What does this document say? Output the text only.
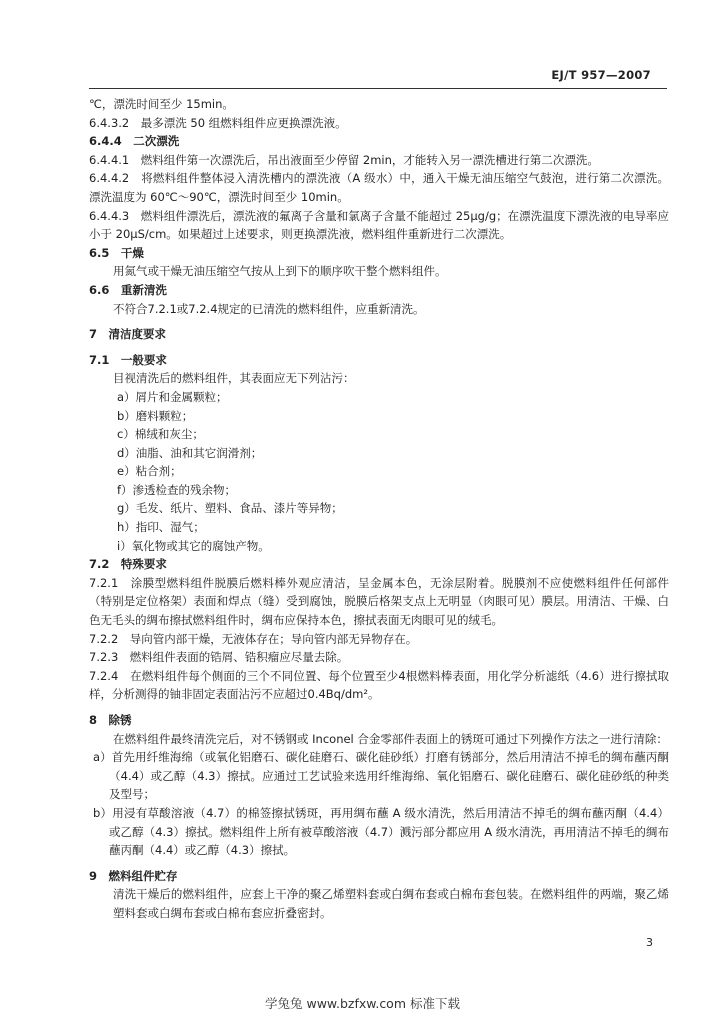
EJ/T 957—2007

℃，漂洗时间至少 15min。

6.4.3.2　最多漂洗 50 组燃料组件应更换漂洗液。

6.4.4　二次漂洗

6.4.4.1　燃料组件第一次漂洗后，吊出液面至少停留 2min，才能转入另一漂洗槽进行第二次漂洗。

6.4.4.2　将燃料组件整体浸入清洗槽内的漂洗液（A 级水）中，通入干燥无油压缩空气鼓泡，进行第二次漂洗。漂洗温度为 60℃～90℃，漂洗时间至少 10min。

6.4.4.3　燃料组件漂洗后，漂洗液的氟离子含量和氯离子含量不能超过 25μg/g；在漂洗温度下漂洗液的电导率应小于 20μS/cm。如果超过上述要求，则更换漂洗液，燃料组件重新进行二次漂洗。

6.5　干燥

用氮气或干燥无油压缩空气按从上到下的顺序吹干整个燃料组件。

6.6　重新清洗

不符合7.2.1或7.2.4规定的已清洗的燃料组件，应重新清洗。

7　清洁度要求

7.1　一般要求

目视清洗后的燃料组件，其表面应无下列沾污：

a）屑片和金属颗粒；

b）磨料颗粒；

c）棉绒和灰尘；

d）油脂、油和其它润滑剂；

e）粘合剂；

f）渗透检查的残余物；

g）毛发、纸片、塑料、食品、漆片等异物；

h）指印、湿气；

i）氧化物或其它的腐蚀产物。

7.2　特殊要求

7.2.1　涂膜型燃料组件脱膜后燃料棒外观应清洁，呈金属本色，无涂层附着。脱膜剂不应使燃料组件任何部件（特别是定位格架）表面和焊点（缝）受到腐蚀，脱膜后格架支点上无明显（肉眼可见）膜层。用清洁、干燥、白色无毛头的绸布擦拭燃料组件时，绸布应保持本色，擦拭表面无肉眼可见的绒毛。

7.2.2　导向管内部干燥，无液体存在；导向管内部无异物存在。

7.2.3　燃料组件表面的锆屑、锆积瘤应尽量去除。

7.2.4　在燃料组件每个侧面的三个不同位置、每个位置至少4根燃料棒表面，用化学分析滤纸（4.6）进行擦拭取样，分析测得的铀非固定表面沾污不应超过0.4Bq/dm²。

8　除锈

在燃料组件最终清洗完后，对不锈钢或 Inconel 合金零部件表面上的锈斑可通过下列操作方法之一进行清除：

a）首先用纤维海绵（或氧化铝磨石、碳化硅磨石、碳化硅砂纸）打磨有锈部分，然后用清洁不掉毛的绸布蘸丙酮（4.4）或乙醇（4.3）擦拭。应通过工艺试验来选用纤维海绵、氧化铝磨石、碳化硅磨石、碳化硅砂纸的种类及型号；

b）用浸有草酸溶液（4.7）的棉签擦拭锈斑，再用绸布蘸 A 级水清洗，然后用清洁不掉毛的绸布蘸丙酮（4.4）或乙醇（4.3）擦拭。燃料组件上所有被草酸溶液（4.7）溅污部分都应用 A 级水清洗，再用清洁不掉毛的绸布蘸丙酮（4.4）或乙醇（4.3）擦拭。

9　燃料组件贮存

清洗干燥后的燃料组件，应套上干净的聚乙烯塑料套或白绸布套或白棉布套包装。在燃料组件的两端，聚乙烯塑料套或白绸布套或白棉布套应折叠密封。

3
学兔兔 www.bzfxw.com 标准下载
